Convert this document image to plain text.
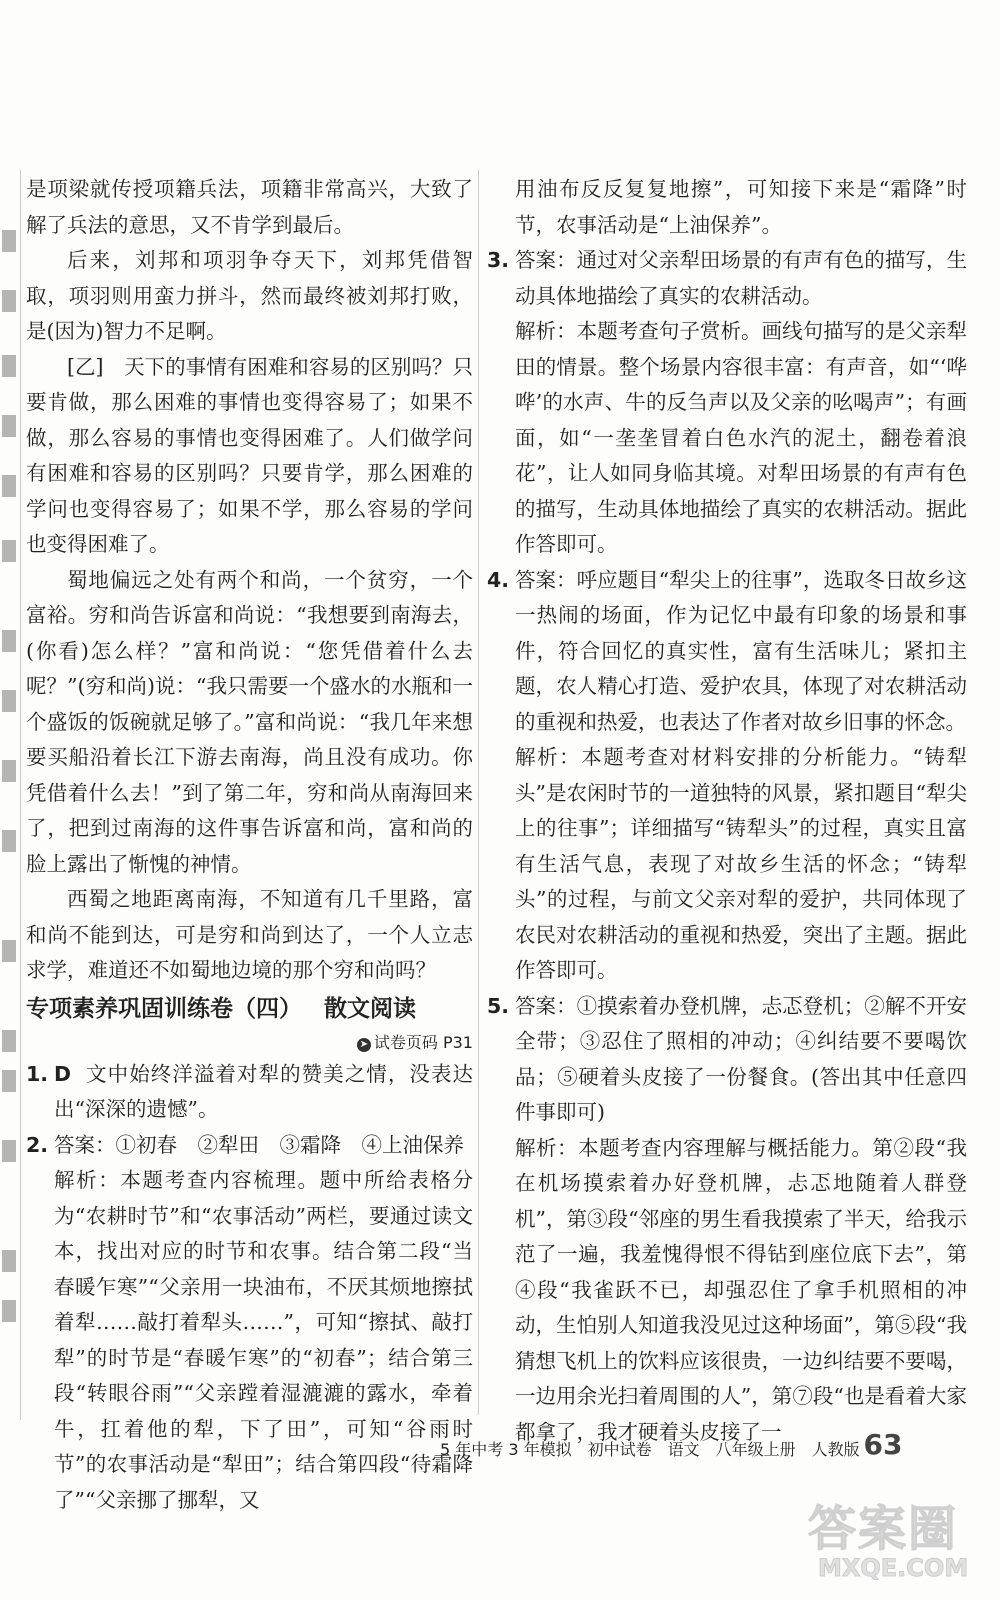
是项梁就传授项籍兵法，项籍非常高兴，大致了解了兵法的意思，又不肯学到最后。

后来，刘邦和项羽争夺天下，刘邦凭借智取，项羽则用蛮力拼斗，然而最终被刘邦打败，是(因为)智力不足啊。

[乙]　天下的事情有困难和容易的区别吗？只要肯做，那么困难的事情也变得容易了；如果不做，那么容易的事情也变得困难了。人们做学问有困难和容易的区别吗？只要肯学，那么困难的学问也变得容易了；如果不学，那么容易的学问也变得困难了。

蜀地偏远之处有两个和尚，一个贫穷，一个富裕。穷和尚告诉富和尚说：“我想要到南海去，(你看)怎么样？”富和尚说：“您凭借着什么去呢？”(穷和尚)说：“我只需要一个盛水的水瓶和一个盛饭的饭碗就足够了。”富和尚说：“我几年来想要买船沿着长江下游去南海，尚且没有成功。你凭借着什么去！”到了第二年，穷和尚从南海回来了，把到过南海的这件事告诉富和尚，富和尚的脸上露出了惭愧的神情。

西蜀之地距离南海，不知道有几千里路，富和尚不能到达，可是穷和尚到达了，一个人立志求学，难道还不如蜀地边境的那个穷和尚吗？

专项素养巩固训练卷（四） 散文阅读
➤ 试卷页码 P31
1. D 文中始终洋溢着对犁的赞美之情，没表达出“深深的遗憾”。

2. 答案：①初春　②犁田　③霜降　④上油保养

解析：本题考查内容梳理。题中所给表格分为“农耕时节”和“农事活动”两栏，要通过读文本，找出对应的时节和农事。结合第二段“当春暖乍寒”“父亲用一块油布，不厌其烦地擦拭着犁……敲打着犁头……”，可知“擦拭、敲打犁”的时节是“春暖乍寒”的“初春”；结合第三段“转眼谷雨”“父亲蹚着湿漉漉的露水，牵着牛，扛着他的犁，下了田”，可知“谷雨时节”的农事活动是“犁田”；结合第四段“待霜降了”“父亲挪了挪犁，又

用油布反反复复地擦”，可知接下来是“霜降”时节，农事活动是“上油保养”。

3. 答案：通过对父亲犁田场景的有声有色的描写，生动具体地描绘了真实的农耕活动。

解析：本题考查句子赏析。画线句描写的是父亲犁田的情景。整个场景内容很丰富：有声音，如“‘哗哗’的水声、牛的反刍声以及父亲的吆喝声”；有画面，如“一垄垄冒着白色水汽的泥土，翻卷着浪花”，让人如同身临其境。对犁田场景的有声有色的描写，生动具体地描绘了真实的农耕活动。据此作答即可。

4. 答案：呼应题目“犁尖上的往事”，选取冬日故乡这一热闹的场面，作为记忆中最有印象的场景和事件，符合回忆的真实性，富有生活味儿；紧扣主题，农人精心打造、爱护农具，体现了对农耕活动的重视和热爱，也表达了作者对故乡旧事的怀念。

解析：本题考查对材料安排的分析能力。“铸犁头”是农闲时节的一道独特的风景，紧扣题目“犁尖上的往事”；详细描写“铸犁头”的过程，真实且富有生活气息，表现了对故乡生活的怀念；“铸犁头”的过程，与前文父亲对犁的爱护，共同体现了农民对农耕活动的重视和热爱，突出了主题。据此作答即可。

5. 答案：①摸索着办登机牌，忐忑登机；②解不开安全带；③忍住了照相的冲动；④纠结要不要喝饮品；⑤硬着头皮接了一份餐食。(答出其中任意四件事即可)

解析：本题考查内容理解与概括能力。第②段“我在机场摸索着办好登机牌，忐忑地随着人群登机”，第③段“邻座的男生看我摸索了半天，给我示范了一遍，我羞愧得恨不得钻到座位底下去”，第④段“我雀跃不已，却强忍住了拿手机照相的冲动，生怕别人知道我没见过这种场面”，第⑤段“我猜想飞机上的饮料应该很贵，一边纠结要不要喝，一边用余光扫着周围的人”，第⑦段“也是看着大家都拿了，我才硬着头皮接了一

5 年中考 3 年模拟 初中试卷 语文 八年级上册 人教版 63
答案圈
MXQE.COM
